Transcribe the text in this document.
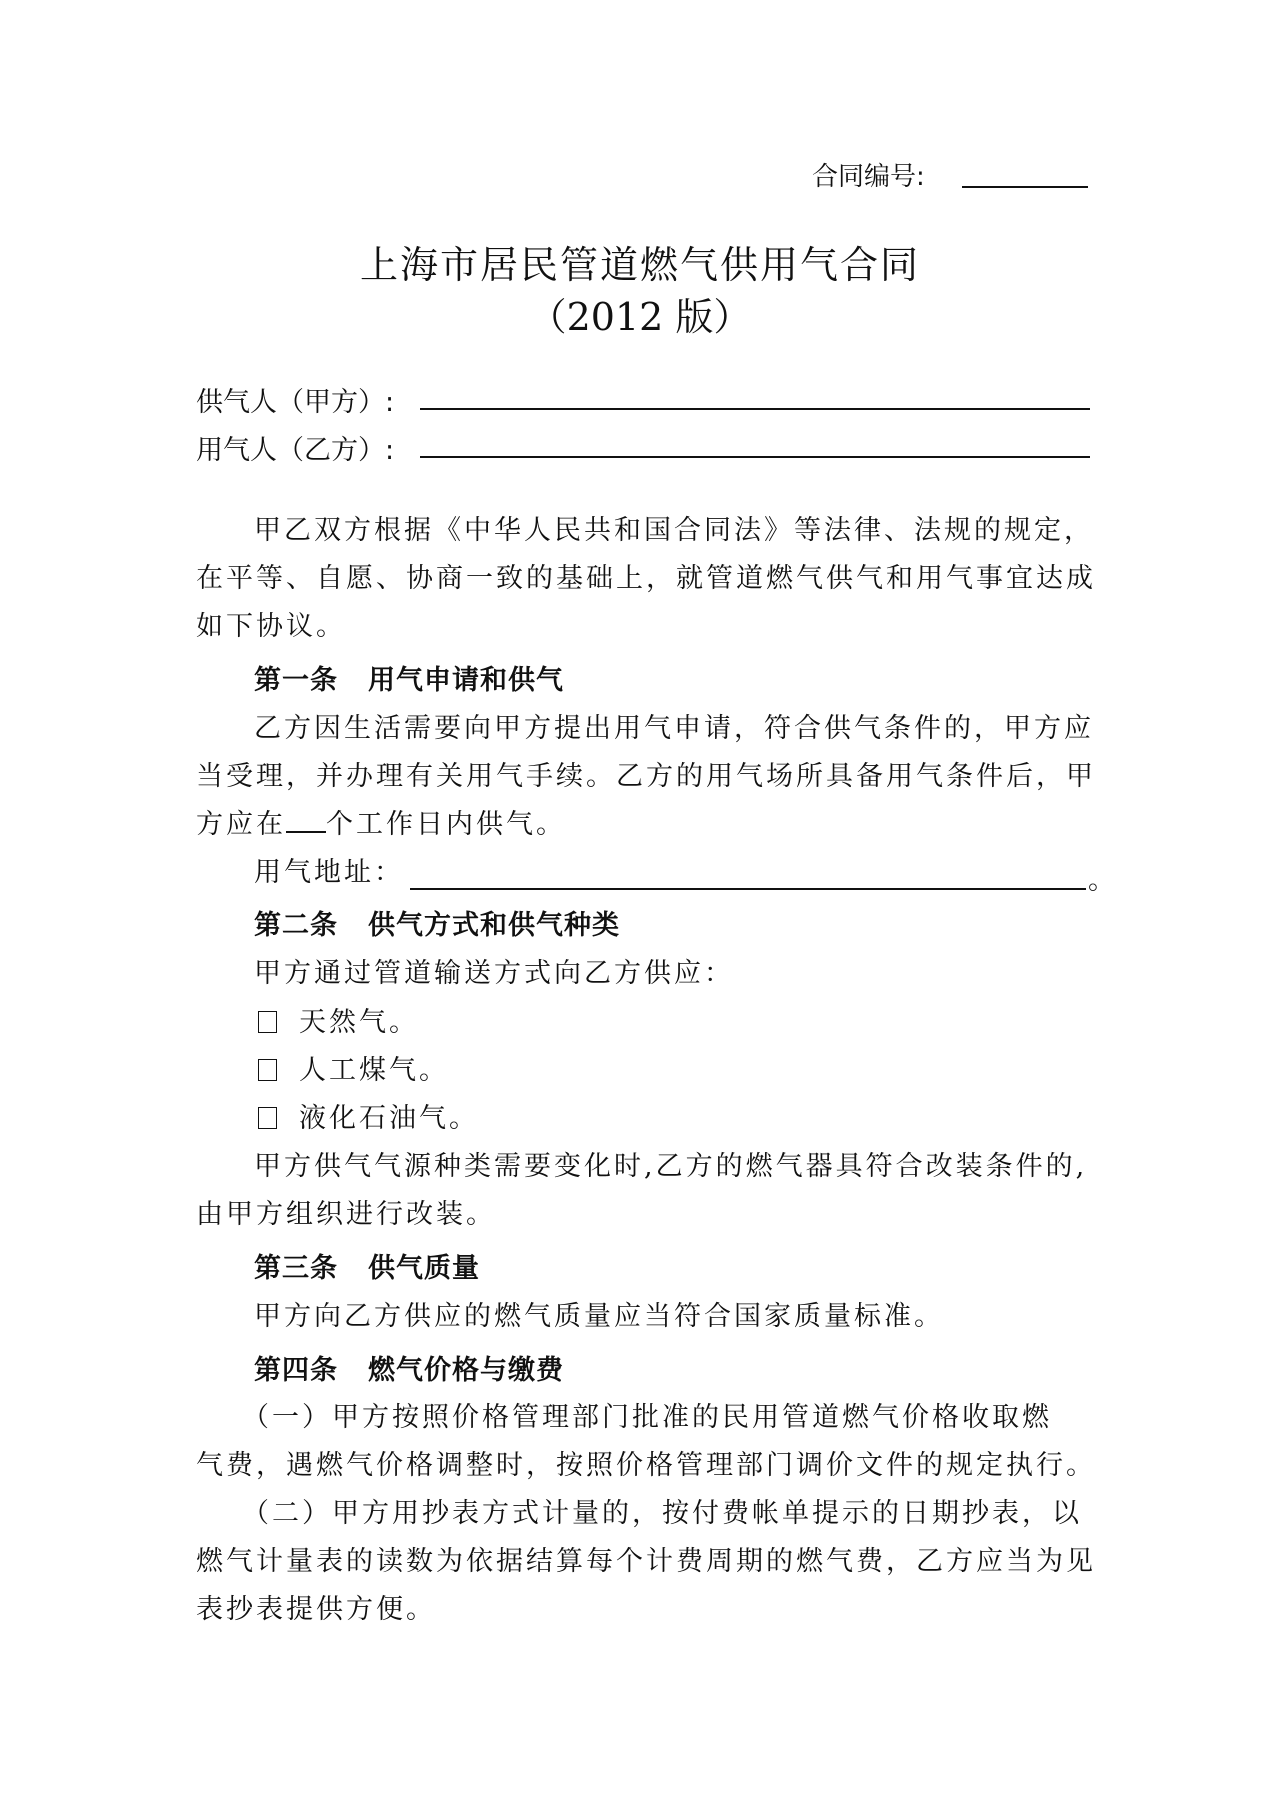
合同编号:
上海市居民管道燃气供用气合同
（2012 版）
供气人（甲方）:
用气人（乙方）:
甲乙双方根据《中华人民共和国合同法》等法律、法规的规定，
在平等、自愿、协商一致的基础上，就管道燃气供气和用气事宜达成
如下协议。
第一条 用气申请和供气
乙方因生活需要向甲方提出用气申请，符合供气条件的，甲方应
当受理，并办理有关用气手续。乙方的用气场所具备用气条件后，甲
方应在 个工作日内供气。
用气地址：	。
第二条 供气方式和供气种类
甲方通过管道输送方式向乙方供应：
天然气。
人工煤气。
液化石油气。
甲方供气气源种类需要变化时,乙方的燃气器具符合改装条件的,
由甲方组织进行改装。
第三条 供气质量
甲方向乙方供应的燃气质量应当符合国家质量标准。
第四条 燃气价格与缴费
（一）甲方按照价格管理部门批准的民用管道燃气价格收取燃
气费，遇燃气价格调整时，按照价格管理部门调价文件的规定执行。
（二）甲方用抄表方式计量的，按付费帐单提示的日期抄表，以
燃气计量表的读数为依据结算每个计费周期的燃气费，乙方应当为见
表抄表提供方便。
